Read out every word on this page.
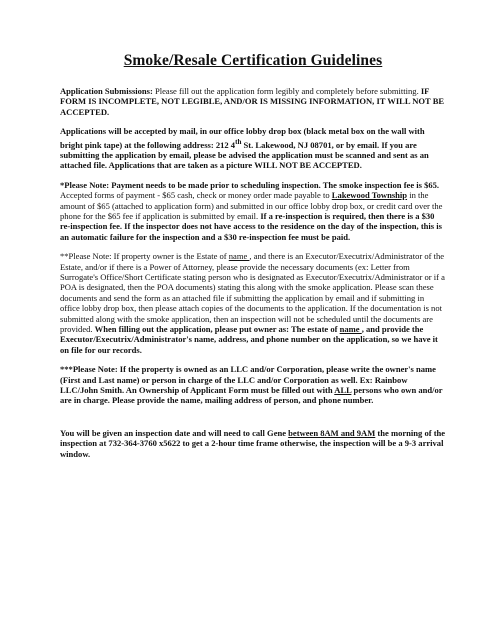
Smoke/Resale Certification Guidelines

Application Submissions: Please fill out the application form legibly and completely before submitting. IF FORM IS INCOMPLETE, NOT LEGIBLE, AND/OR IS MISSING INFORMATION, IT WILL NOT BE ACCEPTED.

Applications will be accepted by mail, in our office lobby drop box (black metal box on the wall with bright pink tape) at the following address: 212 4th St. Lakewood, NJ 08701, or by email. If you are submitting the application by email, please be advised the application must be scanned and sent as an attached file. Applications that are taken as a picture WILL NOT BE ACCEPTED.

*Please Note: Payment needs to be made prior to scheduling inspection. The smoke inspection fee is $65. Accepted forms of payment - $65 cash, check or money order made payable to Lakewood Township in the amount of $65 (attached to application form) and submitted in our office lobby drop box, or credit card over the phone for the $65 fee if application is submitted by email. If a re-inspection is required, then there is a $30 re-inspection fee. If the inspector does not have access to the residence on the day of the inspection, this is an automatic failure for the inspection and a $30 re-inspection fee must be paid.

**Please Note: If property owner is the Estate of name , and there is an Executor/Executrix/Administrator of the Estate, and/or if there is a Power of Attorney, please provide the necessary documents (ex: Letter from Surrogate's Office/Short Certificate stating person who is designated as Executor/Executrix/Administrator or if a POA is designated, then the POA documents) stating this along with the smoke application. Please scan these documents and send the form as an attached file if submitting the application by email and if submitting in office lobby drop box, then please attach copies of the documents to the application. If the documentation is not submitted along with the smoke application, then an inspection will not be scheduled until the documents are provided. When filling out the application, please put owner as: The estate of name , and provide the Executor/Executrix/Administrator's name, address, and phone number on the application, so we have it on file for our records.

***Please Note: If the property is owned as an LLC and/or Corporation, please write the owner's name (First and Last name) or person in charge of the LLC and/or Corporation as well. Ex: Rainbow LLC/John Smith. An Ownership of Applicant Form must be filled out with ALL persons who own and/or are in charge. Please provide the name, mailing address of person, and phone number.

You will be given an inspection date and will need to call Gene between 8AM and 9AM the morning of the inspection at 732-364-3760 x5622 to get a 2-hour time frame otherwise, the inspection will be a 9-3 arrival window.
